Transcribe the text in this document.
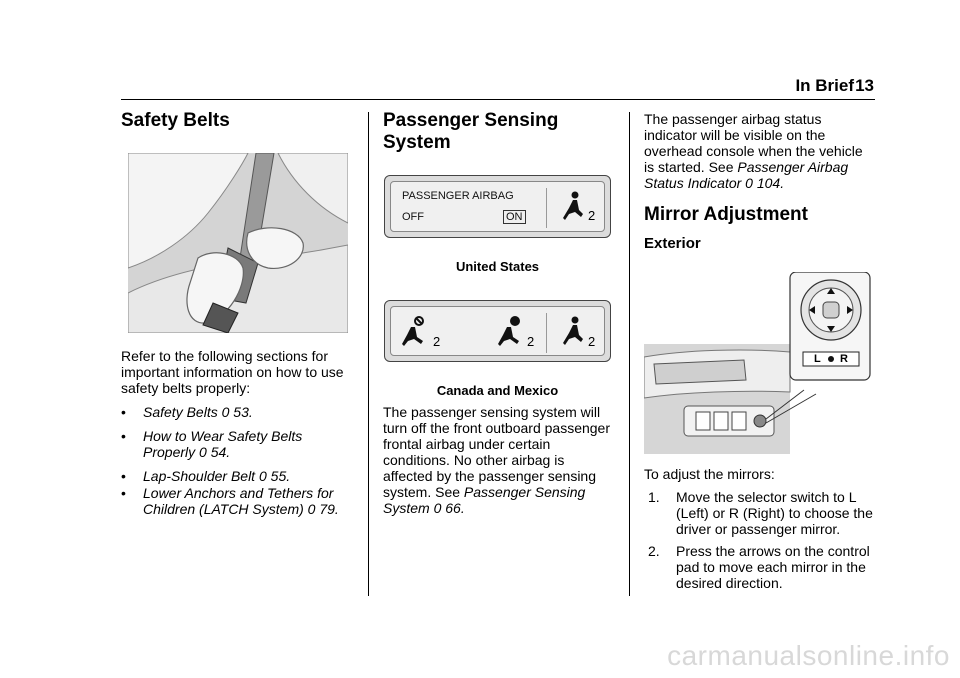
In Brief 13
Safety Belts
Refer to the following sections for important information on how to use safety belts properly:
• Safety Belts 0 53.
• How to Wear Safety Belts Properly 0 54.
• Lap-Shoulder Belt 0 55.
• Lower Anchors and Tethers for Children (LATCH System) 0 79.
Passenger Sensing System
PASSENGER AIRBAG
OFF	ON	2
United States
2	2	2
Canada and Mexico
The passenger sensing system will turn off the front outboard passenger frontal airbag under certain conditions. No other airbag is affected by the passenger sensing system. See Passenger Sensing System 0 66.
The passenger airbag status indicator will be visible on the overhead console when the vehicle is started. See Passenger Airbag Status Indicator 0 104.
Mirror Adjustment
Exterior
L R
To adjust the mirrors:
1. Move the selector switch to L (Left) or R (Right) to choose the driver or passenger mirror.
2. Press the arrows on the control pad to move each mirror in the desired direction.
carmanualsonline.info
